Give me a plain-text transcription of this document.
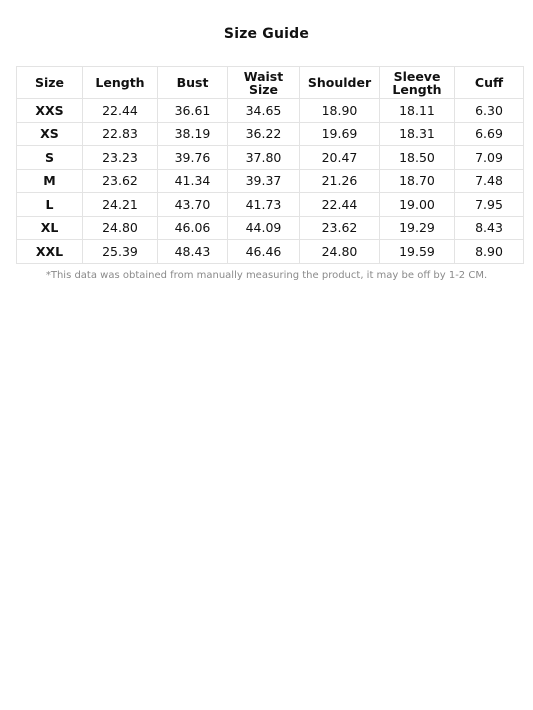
Size Guide
Size	Length	Bust	Waist Size	Shoulder	Sleeve Length	Cuff
XXS	22.44	36.61	34.65	18.90	18.11	6.30
XS	22.83	38.19	36.22	19.69	18.31	6.69
S	23.23	39.76	37.80	20.47	18.50	7.09
M	23.62	41.34	39.37	21.26	18.70	7.48
L	24.21	43.70	41.73	22.44	19.00	7.95
XL	24.80	46.06	44.09	23.62	19.29	8.43
XXL	25.39	48.43	46.46	24.80	19.59	8.90
*This data was obtained from manually measuring the product, it may be off by 1-2 CM.
